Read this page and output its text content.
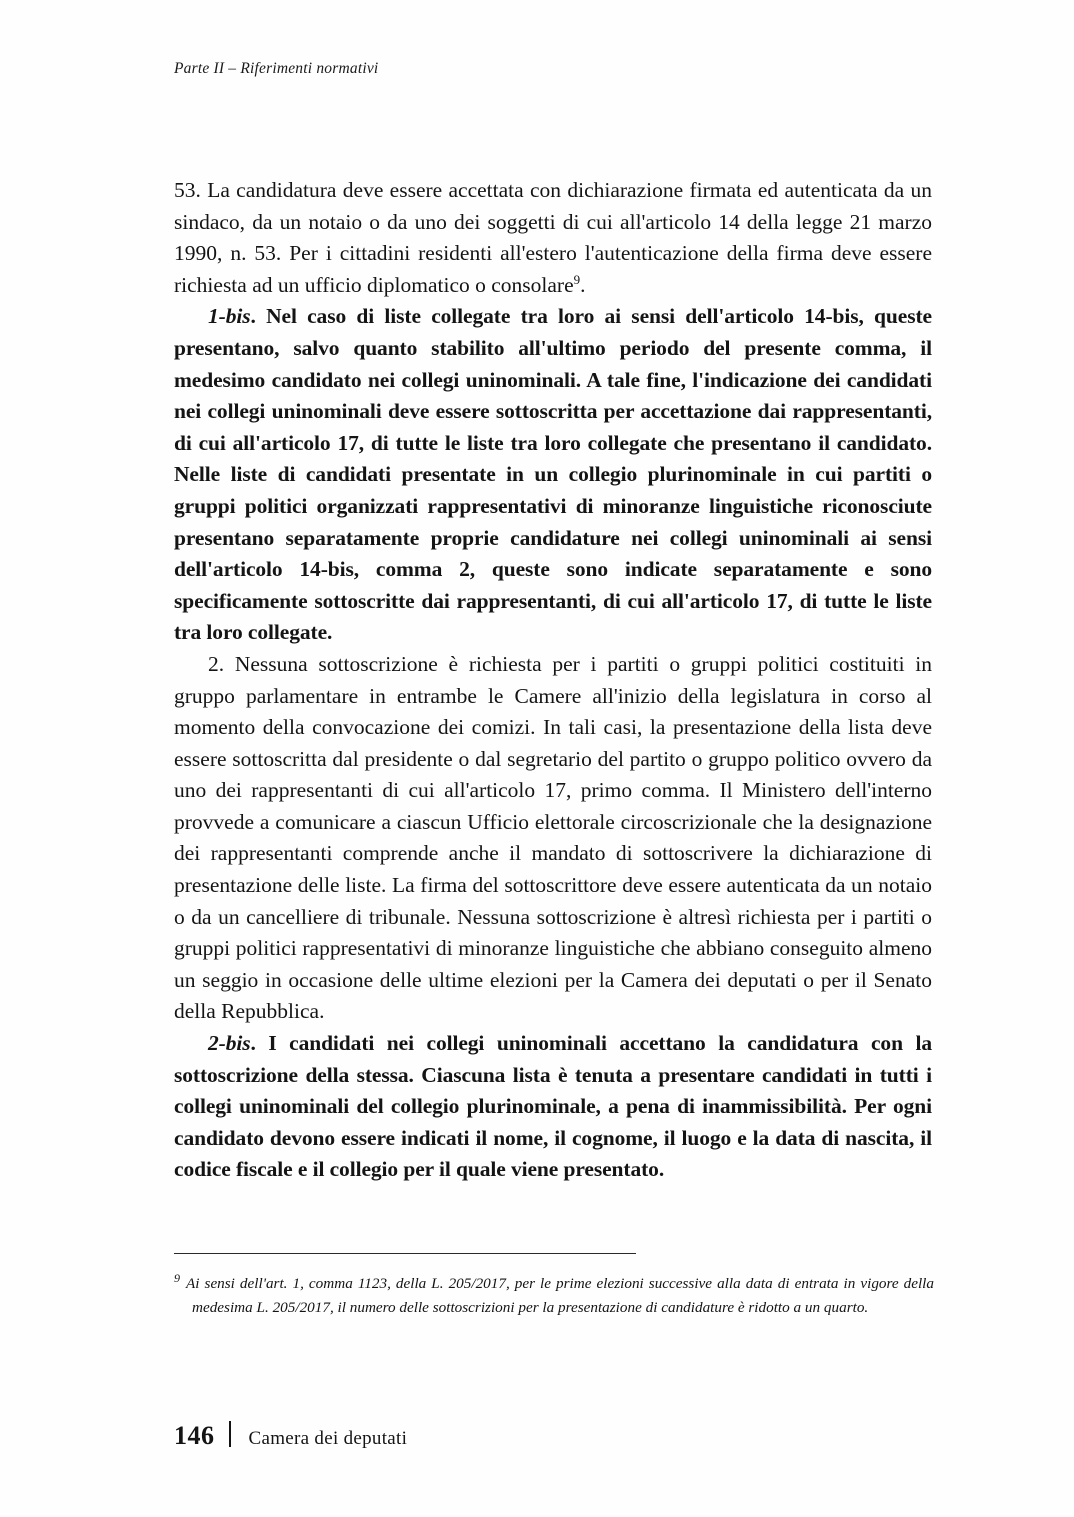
Parte II – Riferimenti normativi

53. La candidatura deve essere accettata con dichiarazione firmata ed autenticata da un sindaco, da un notaio o da uno dei soggetti di cui all'articolo 14 della legge 21 marzo 1990, n. 53. Per i cittadini residenti all'estero l'autenticazione della firma deve essere richiesta ad un ufficio diplomatico o consolare$^9$.

1-bis. Nel caso di liste collegate tra loro ai sensi dell'articolo 14-bis, queste presentano, salvo quanto stabilito all'ultimo periodo del presente comma, il medesimo candidato nei collegi uninominali. A tale fine, l'indicazione dei candidati nei collegi uninominali deve essere sottoscritta per accettazione dai rappresentanti, di cui all'articolo 17, di tutte le liste tra loro collegate che presentano il candidato. Nelle liste di candidati presentate in un collegio plurinominale in cui partiti o gruppi politici organizzati rappresentativi di minoranze linguistiche riconosciute presentano separatamente proprie candidature nei collegi uninominali ai sensi dell'articolo 14-bis, comma 2, queste sono indicate separatamente e sono specificamente sottoscritte dai rappresentanti, di cui all'articolo 17, di tutte le liste tra loro collegate.

2. Nessuna sottoscrizione è richiesta per i partiti o gruppi politici costituiti in gruppo parlamentare in entrambe le Camere all'inizio della legislatura in corso al momento della convocazione dei comizi. In tali casi, la presentazione della lista deve essere sottoscritta dal presidente o dal segretario del partito o gruppo politico ovvero da uno dei rappresentanti di cui all'articolo 17, primo comma. Il Ministero dell'interno provvede a comunicare a ciascun Ufficio elettorale circoscrizionale che la designazione dei rappresentanti comprende anche il mandato di sottoscrivere la dichiarazione di presentazione delle liste. La firma del sottoscrittore deve essere autenticata da un notaio o da un cancelliere di tribunale. Nessuna sottoscrizione è altresì richiesta per i partiti o gruppi politici rappresentativi di minoranze linguistiche che abbiano conseguito almeno un seggio in occasione delle ultime elezioni per la Camera dei deputati o per il Senato della Repubblica.

2-bis. I candidati nei collegi uninominali accettano la candidatura con la sottoscrizione della stessa. Ciascuna lista è tenuta a presentare candidati in tutti i collegi uninominali del collegio plurinominale, a pena di inammissibilità. Per ogni candidato devono essere indicati il nome, il cognome, il luogo e la data di nascita, il codice fiscale e il collegio per il quale viene presentato.

$^9$ Ai sensi dell'art. 1, comma 1123, della L. 205/2017, per le prime elezioni successive alla data di entrata in vigore della medesima L. 205/2017, il numero delle sottoscrizioni per la presentazione di candidature è ridotto a un quarto.
146 Camera dei deputati
